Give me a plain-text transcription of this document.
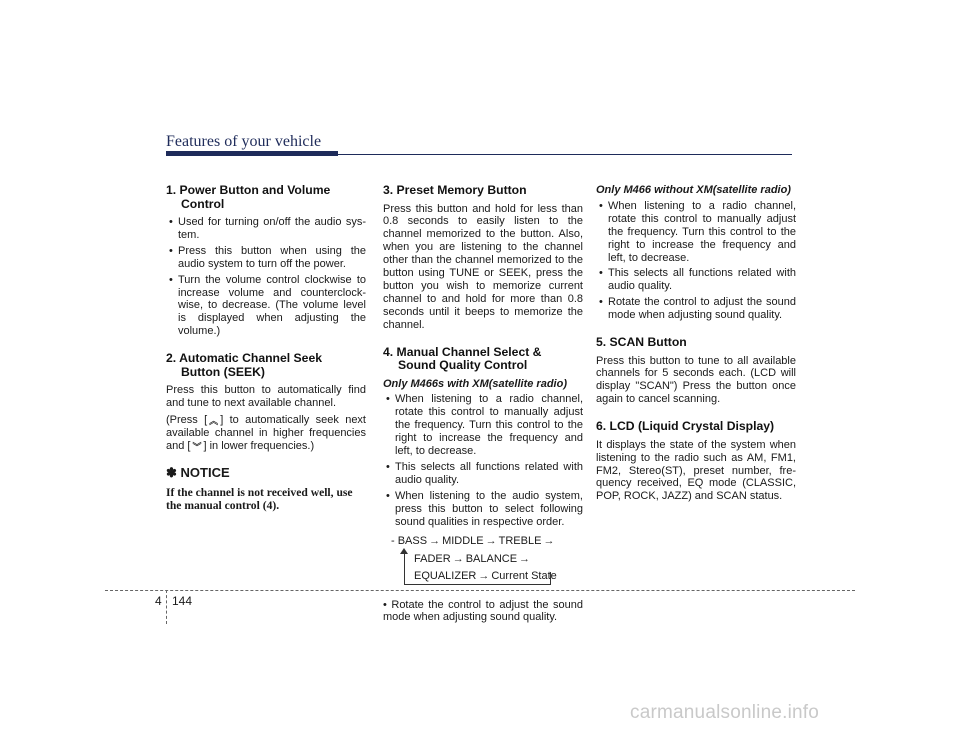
Features of your vehicle
1. Power Button and Volume
Control
• Used for turning on/off the audio sys-tem.
• Press this button when using the audio system to turn off the power.
• Turn the volume control clockwise to increase volume and counterclock-wise, to decrease. (The volume level is displayed when adjusting the volume.)
2. Automatic Channel Seek
Button (SEEK)

Press this button to automatically find and tune to next available channel.

(Press [ ︽ ] to automatically seek next available channel in higher frequencies and [ ︾ ] in lower frequencies.)

✽ NOTICE
If the channel is not received well, use the manual control (4).
3. Preset Memory Button

Press this button and hold for less than 0.8 seconds to easily listen to the channel memorized to the button. Also, when you are listening to the channel other than the channel memorized to the button using TUNE or SEEK, press the button you wish to memorize current channel to and hold for more than 0.8 seconds until it beeps to memorize the channel.

4. Manual Channel Select &
Sound Quality Control
Only M466s with XM(satellite radio)
• When listening to a radio channel, rotate this control to manually adjust the frequency. Turn this control to the right to increase the frequency and left, to decrease.
• This selects all functions related with audio quality.
• When listening to the audio system, press this button to select following sound qualities in respective order.
- BASS → MIDDLE → TREBLE →
FADER → BALANCE →
EQUALIZER → Current State

• Rotate the control to adjust the sound mode when adjusting sound quality.

Only M466 without XM(satellite radio)
• When listening to a radio channel, rotate this control to manually adjust the frequency. Turn this control to the right to increase the frequency and left, to decrease.
• This selects all functions related with audio quality.
• Rotate the control to adjust the sound mode when adjusting sound quality.
5. SCAN Button

Press this button to tune to all available channels for 5 seconds each. (LCD will display "SCAN") Press the button once again to cancel scanning.

6. LCD (Liquid Crystal Display)

It displays the state of the system when listening to the radio such as AM, FM1, FM2, Stereo(ST), preset number, fre-quency received, EQ mode (CLASSIC, POP, ROCK, JAZZ) and SCAN status.

4 144
carmanualsonline.info
